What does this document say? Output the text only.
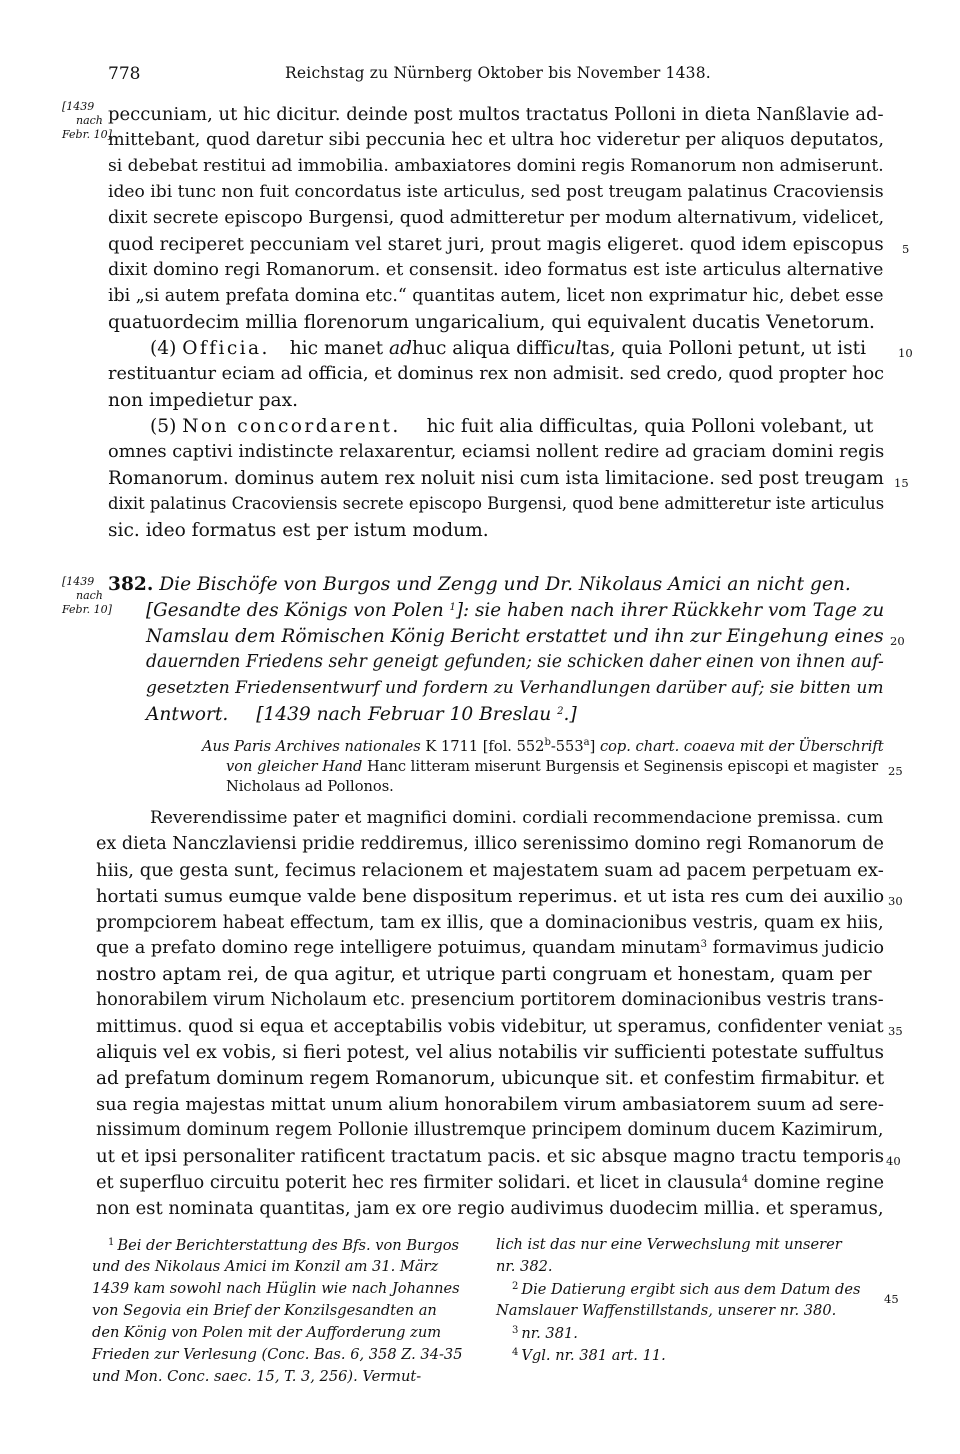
778	Reichstag zu Nürnberg Oktober bis November 1438.
[1439
nach
Febr. 10]
peccuniam, ut hic dicitur. deinde post multos tractatus Polloni in dieta Nanßlavie ad-
mittebant, quod daretur sibi peccunia hec et ultra hoc videretur per aliquos deputatos,
si debebat restitui ad immobilia. ambaxiatores domini regis Romanorum non admiserunt.
ideo ibi tunc non fuit concordatus iste articulus, sed post treugam palatinus Cracoviensis
dixit secrete episcopo Burgensi, quod admitteretur per modum alternativum, videlicet,
quod reciperet peccuniam vel staret juri, prout magis eligeret. quod idem episcopus
dixit domino regi Romanorum. et consensit. ideo formatus est iste articulus alternative
ibi „si autem prefata domina etc.“ quantitas autem, licet non exprimatur hic, debet esse
quatuordecim millia florenorum ungaricalium, qui equivalent ducatis Venetorum.
(4) Officia. hic manet adhuc aliqua difficultas, quia Polloni petunt, ut isti
restituantur eciam ad officia, et dominus rex non admisit. sed credo, quod propter hoc
non impedietur pax.
(5) Non concordarent. hic fuit alia difficultas, quia Polloni volebant, ut
omnes captivi indistincte relaxarentur, eciamsi nollent redire ad graciam domini regis
Romanorum. dominus autem rex noluit nisi cum ista limitacione. sed post treugam
dixit palatinus Cracoviensis secrete episcopo Burgensi, quod bene admitteretur iste articulus
sic. ideo formatus est per istum modum.
[1439
nach
Febr. 10]
382. Die Bischöfe von Burgos und Zengg und Dr. Nikolaus Amici an nicht gen.
[Gesandte des Königs von Polen $^1$]: sie haben nach ihrer Rückkehr vom Tage zu
Namslau dem Römischen König Bericht erstattet und ihn zur Eingehung eines
dauernden Friedens sehr geneigt gefunden; sie schicken daher einen von ihnen auf-
gesetzten Friedensentwurf und fordern zu Verhandlungen darüber auf; sie bitten um
Antwort. [1439 nach Februar 10 Breslau $^2$.]
Aus Paris Archives nationales K 1711 [fol. 552$^b$-553$^a$] cop. chart. coaeva mit der Überschrift
von gleicher Hand Hanc litteram miserunt Burgensis et Seginensis episcopi et magister
Nicholaus ad Pollonos.
Reverendissime pater et magnifici domini. cordiali recommendacione premissa. cum
ex dieta Nanczlaviensi pridie reddiremus, illico serenissimo domino regi Romanorum de
hiis, que gesta sunt, fecimus relacionem et majestatem suam ad pacem perpetuam ex-
hortati sumus eumque valde bene dispositum reperimus. et ut ista res cum dei auxilio
prompciorem habeat effectum, tam ex illis, que a dominacionibus vestris, quam ex hiis,
que a prefato domino rege intelligere potuimus, quandam minutam$^3$ formavimus judicio
nostro aptam rei, de qua agitur, et utrique parti congruam et honestam, quam per
honorabilem virum Nicholaum etc. presencium portitorem dominacionibus vestris trans-
mittimus. quod si equa et acceptabilis vobis videbitur, ut speramus, confidenter veniat
aliquis vel ex vobis, si fieri potest, vel alius notabilis vir sufficienti potestate suffultus
ad prefatum dominum regem Romanorum, ubicunque sit. et confestim firmabitur. et
sua regia majestas mittat unum alium honorabilem virum ambasiatorem suum ad sere-
nissimum dominum regem Pollonie illustremque principem dominum ducem Kazimirum,
ut et ipsi personaliter ratificent tractatum pacis. et sic absque magno tractu temporis
et superfluo circuitu poterit hec res firmiter solidari. et licet in clausula$^4$ domine regine
non est nominata quantitas, jam ex ore regio audivimus duodecim millia. et speramus,
5
10
15
20
25
30
35
40
45
$^1$ Bei der Berichterstattung des Bfs. von Burgos
und des Nikolaus Amici im Konzil am 31. März
1439 kam sowohl nach Hüglin wie nach Johannes
von Segovia ein Brief der Konzilsgesandten an
den König von Polen mit der Aufforderung zum
Frieden zur Verlesung (Conc. Bas. 6, 358 Z. 34-35
und Mon. Conc. saec. 15, T. 3, 256). Vermut-
lich ist das nur eine Verwechslung mit unserer
nr. 382.
$^2$ Die Datierung ergibt sich aus dem Datum des
Namslauer Waffenstillstands, unserer nr. 380.
$^3$ nr. 381.
$^4$ Vgl. nr. 381 art. 11.
